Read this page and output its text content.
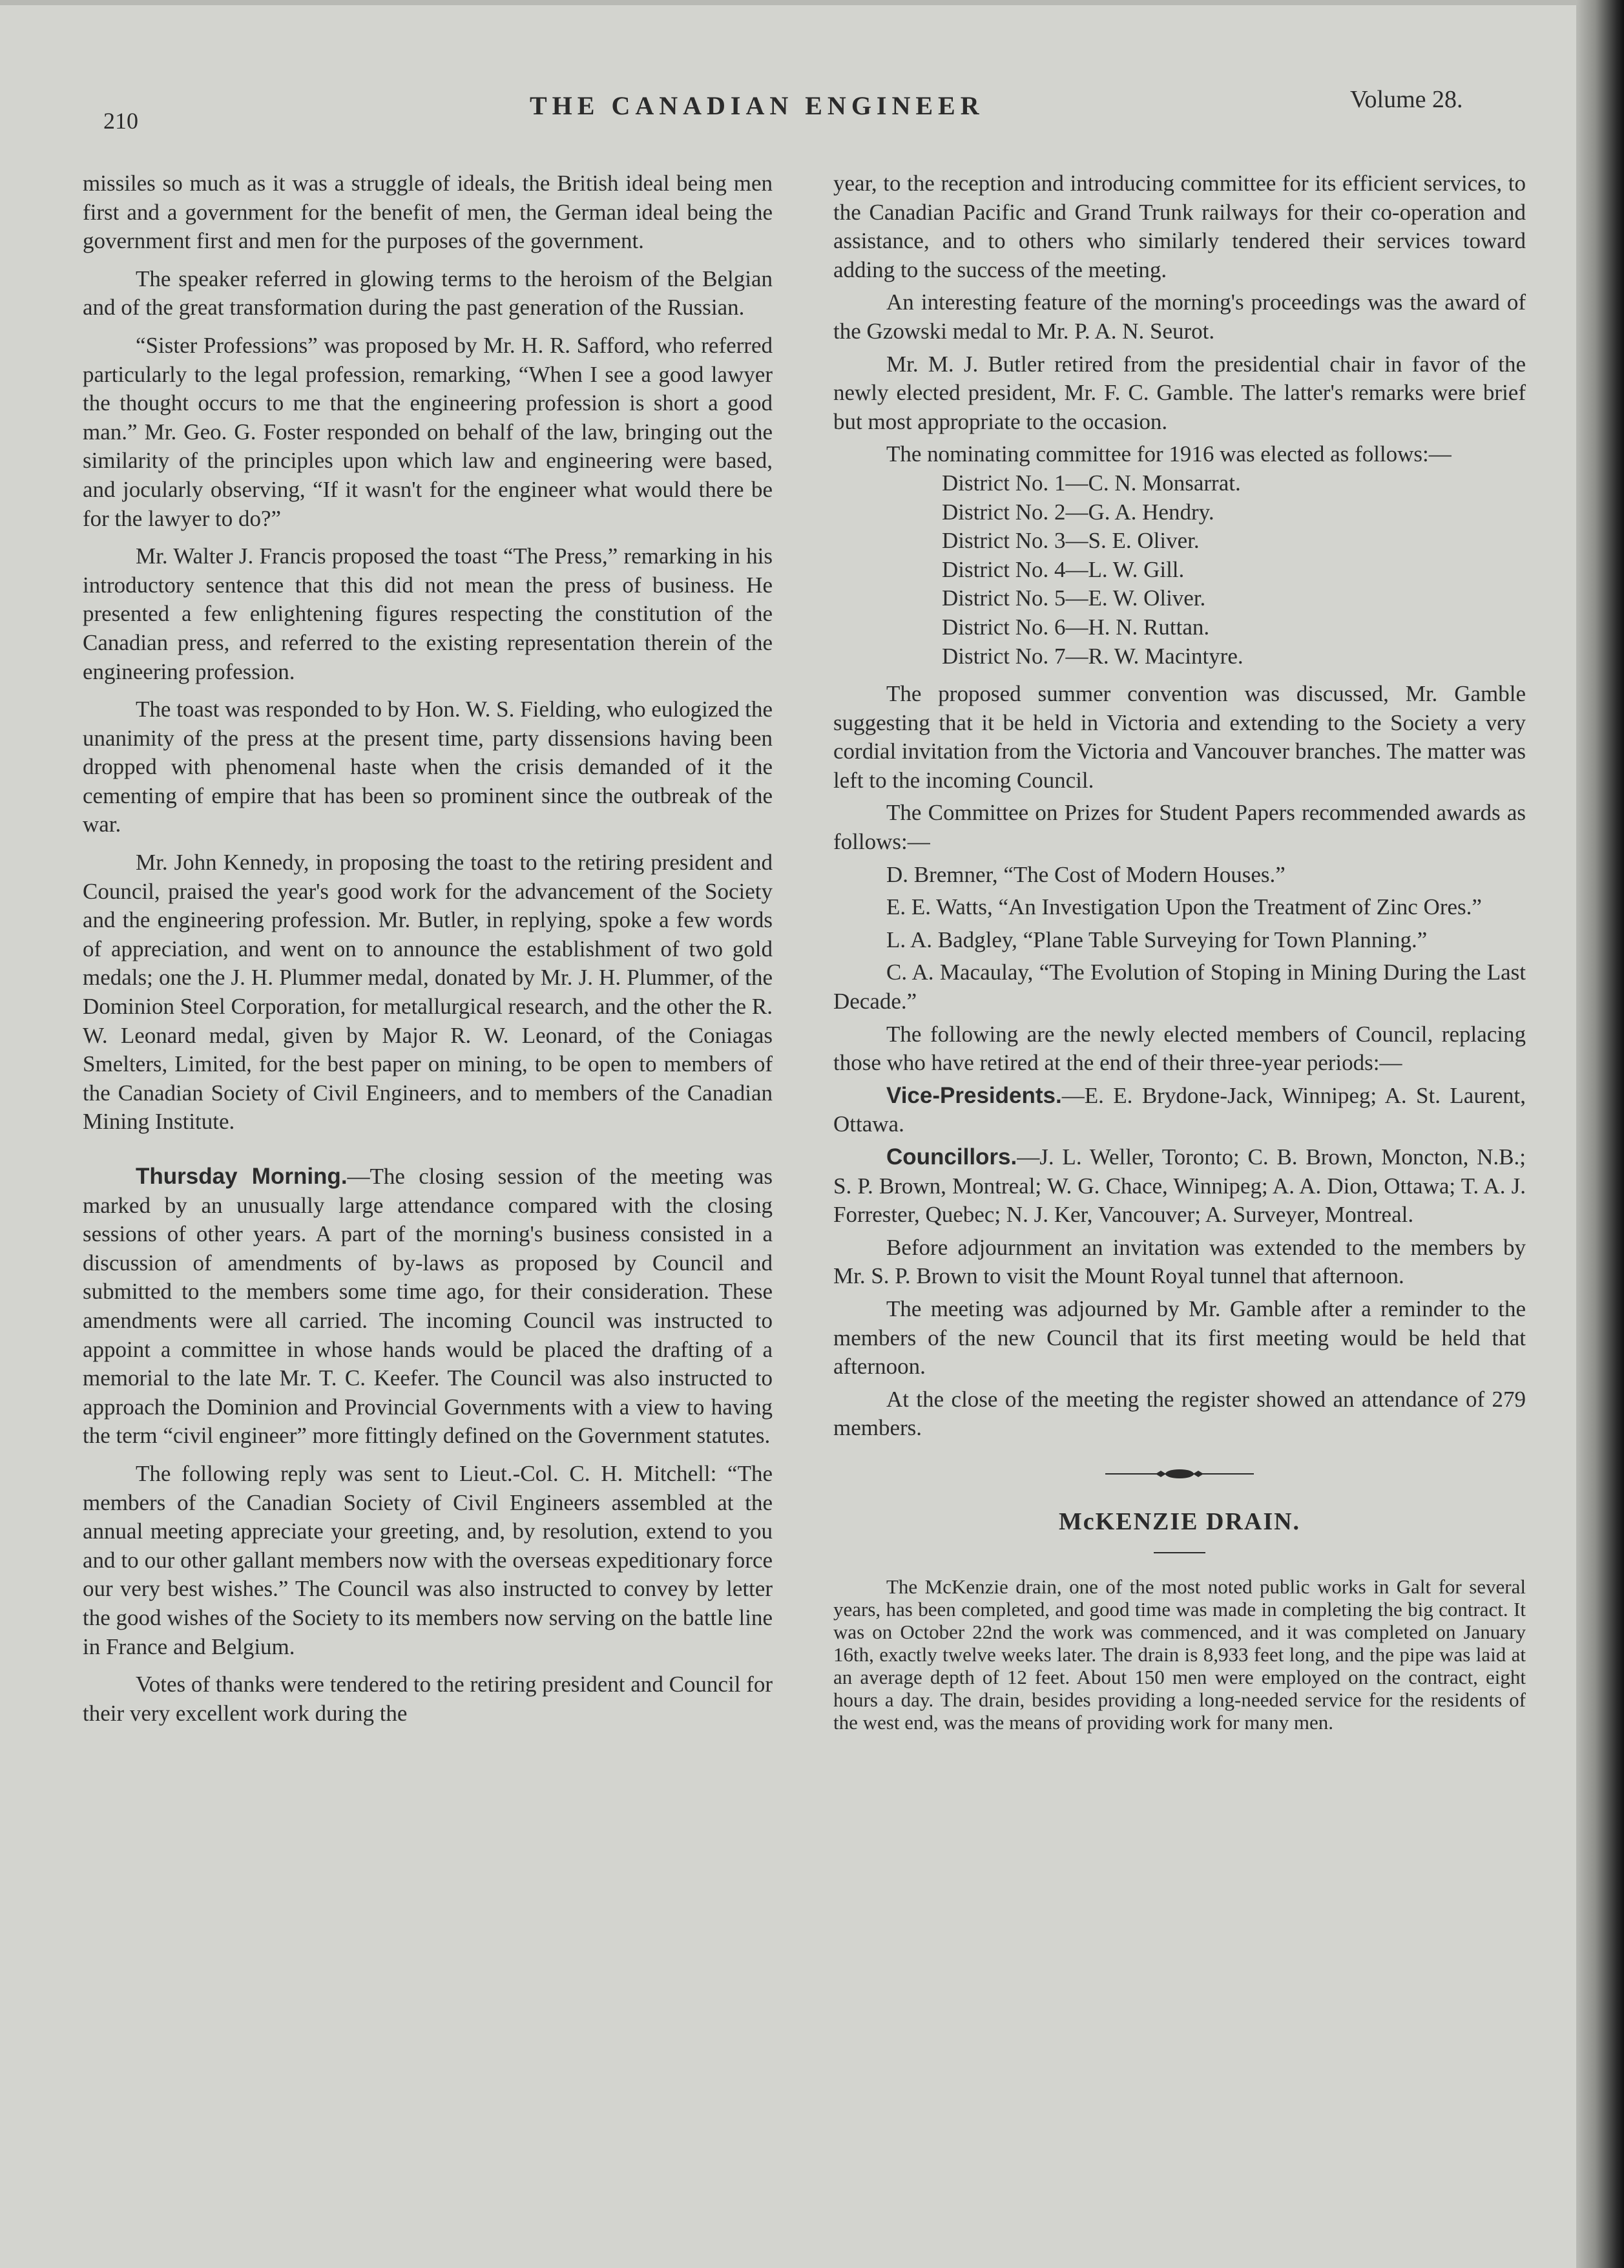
210
THE CANADIAN ENGINEER	Volume 28.

missiles so much as it was a struggle of ideals, the British ideal being men first and a government for the benefit of men, the German ideal being the government first and men for the purposes of the government.

The speaker referred in glowing terms to the heroism of the Belgian and of the great transformation during the past generation of the Russian.

“Sister Professions” was proposed by Mr. H. R. Safford, who referred particularly to the legal profession, remarking, “When I see a good lawyer the thought occurs to me that the engineering profession is short a good man.” Mr. Geo. G. Foster responded on behalf of the law, bringing out the similarity of the principles upon which law and engineering were based, and jocularly observing, “If it wasn't for the engineer what would there be for the lawyer to do?”

Mr. Walter J. Francis proposed the toast “The Press,” remarking in his introductory sentence that this did not mean the press of business. He presented a few enlightening figures respecting the constitution of the Canadian press, and referred to the existing representation therein of the engineering profession.

The toast was responded to by Hon. W. S. Fielding, who eulogized the unanimity of the press at the present time, party dissensions having been dropped with phenomenal haste when the crisis demanded of it the cementing of empire that has been so prominent since the outbreak of the war.

Mr. John Kennedy, in proposing the toast to the retiring president and Council, praised the year's good work for the advancement of the Society and the engineering profession. Mr. Butler, in replying, spoke a few words of appreciation, and went on to announce the establishment of two gold medals; one the J. H. Plummer medal, donated by Mr. J. H. Plummer, of the Dominion Steel Corporation, for metallurgical research, and the other the R. W. Leonard medal, given by Major R. W. Leonard, of the Coniagas Smelters, Limited, for the best paper on mining, to be open to members of the Canadian Society of Civil Engineers, and to members of the Canadian Mining Institute.

Thursday Morning.—The closing session of the meeting was marked by an unusually large attendance compared with the closing sessions of other years. A part of the morning's business consisted in a discussion of amendments of by-laws as proposed by Council and submitted to the members some time ago, for their consideration. These amendments were all carried. The incoming Council was instructed to appoint a committee in whose hands would be placed the drafting of a memorial to the late Mr. T. C. Keefer. The Council was also instructed to approach the Dominion and Provincial Governments with a view to having the term “civil engineer” more fittingly defined on the Government statutes.

The following reply was sent to Lieut.-Col. C. H. Mitchell: “The members of the Canadian Society of Civil Engineers assembled at the annual meeting appreciate your greeting, and, by resolution, extend to you and to our other gallant members now with the overseas expeditionary force our very best wishes.” The Council was also instructed to convey by letter the good wishes of the Society to its members now serving on the battle line in France and Belgium.

Votes of thanks were tendered to the retiring president and Council for their very excellent work during the

year, to the reception and introducing committee for its efficient services, to the Canadian Pacific and Grand Trunk railways for their co-operation and assistance, and to others who similarly tendered their services toward adding to the success of the meeting.

An interesting feature of the morning's proceedings was the award of the Gzowski medal to Mr. P. A. N. Seurot.

Mr. M. J. Butler retired from the presidential chair in favor of the newly elected president, Mr. F. C. Gamble. The latter's remarks were brief but most appropriate to the occasion.

The nominating committee for 1916 was elected as follows:—

District No. 1—C. N. Monsarrat.
District No. 2—G. A. Hendry.
District No. 3—S. E. Oliver.
District No. 4—L. W. Gill.
District No. 5—E. W. Oliver.
District No. 6—H. N. Ruttan.
District No. 7—R. W. Macintyre.

The proposed summer convention was discussed, Mr. Gamble suggesting that it be held in Victoria and extending to the Society a very cordial invitation from the Victoria and Vancouver branches. The matter was left to the incoming Council.

The Committee on Prizes for Student Papers recommended awards as follows:—

D. Bremner, “The Cost of Modern Houses.”

E. E. Watts, “An Investigation Upon the Treatment of Zinc Ores.”

L. A. Badgley, “Plane Table Surveying for Town Planning.”

C. A. Macaulay, “The Evolution of Stoping in Mining During the Last Decade.”

The following are the newly elected members of Council, replacing those who have retired at the end of their three-year periods:—

Vice-Presidents.—E. E. Brydone-Jack, Winnipeg; A. St. Laurent, Ottawa.

Councillors.—J. L. Weller, Toronto; C. B. Brown, Moncton, N.B.; S. P. Brown, Montreal; W. G. Chace, Winnipeg; A. A. Dion, Ottawa; T. A. J. Forrester, Quebec; N. J. Ker, Vancouver; A. Surveyer, Montreal.

Before adjournment an invitation was extended to the members by Mr. S. P. Brown to visit the Mount Royal tunnel that afternoon.

The meeting was adjourned by Mr. Gamble after a reminder to the members of the new Council that its first meeting would be held that afternoon.

At the close of the meeting the register showed an attendance of 279 members.

McKENZIE DRAIN.

The McKenzie drain, one of the most noted public works in Galt for several years, has been completed, and good time was made in completing the big contract. It was on October 22nd the work was commenced, and it was completed on January 16th, exactly twelve weeks later. The drain is 8,933 feet long, and the pipe was laid at an average depth of 12 feet. About 150 men were employed on the contract, eight hours a day. The drain, besides providing a long-needed service for the residents of the west end, was the means of providing work for many men.
